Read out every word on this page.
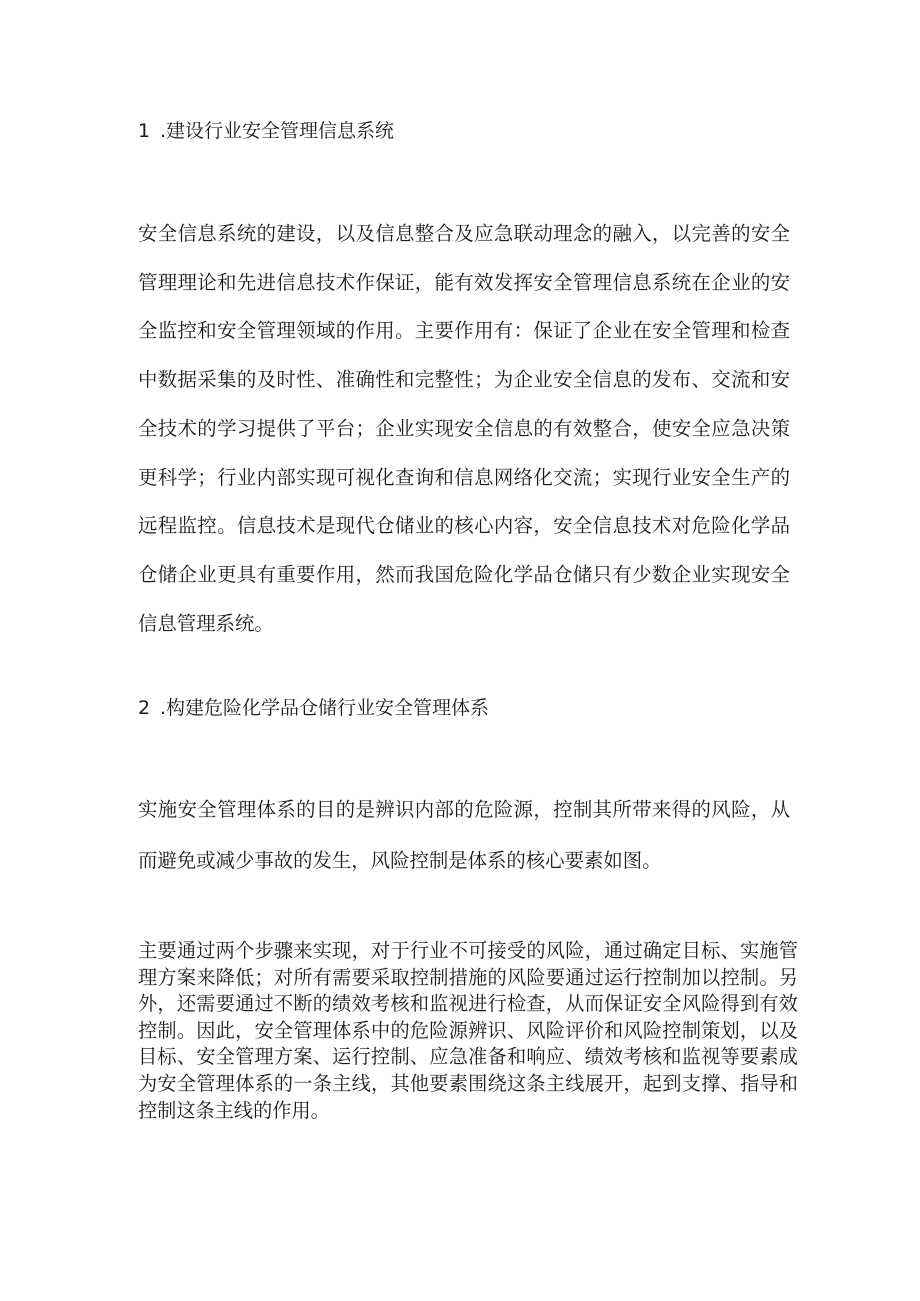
1 .建设行业安全管理信息系统

安全信息系统的建设，以及信息整合及应急联动理念的融入，以完善的安全管理理论和先进信息技术作保证，能有效发挥安全管理信息系统在企业的安全监控和安全管理领域的作用。主要作用有：保证了企业在安全管理和检查中数据采集的及时性、准确性和完整性；为企业安全信息的发布、交流和安全技术的学习提供了平台；企业实现安全信息的有效整合，使安全应急决策更科学；行业内部实现可视化查询和信息网络化交流；实现行业安全生产的远程监控。信息技术是现代仓储业的核心内容，安全信息技术对危险化学品仓储企业更具有重要作用，然而我国危险化学品仓储只有少数企业实现安全信息管理系统。

2 .构建危险化学品仓储行业安全管理体系

实施安全管理体系的目的是辨识内部的危险源，控制其所带来得的风险，从而避免或减少事故的发生，风险控制是体系的核心要素如图。

主要通过两个步骤来实现，对于行业不可接受的风险，通过确定目标、实施管理方案来降低；对所有需要采取控制措施的风险要通过运行控制加以控制。另外，还需要通过不断的绩效考核和监视进行检查，从而保证安全风险得到有效控制。因此，安全管理体系中的危险源辨识、风险评价和风险控制策划，以及目标、安全管理方案、运行控制、应急准备和响应、绩效考核和监视等要素成为安全管理体系的一条主线，其他要素围绕这条主线展开，起到支撑、指导和控制这条主线的作用。
